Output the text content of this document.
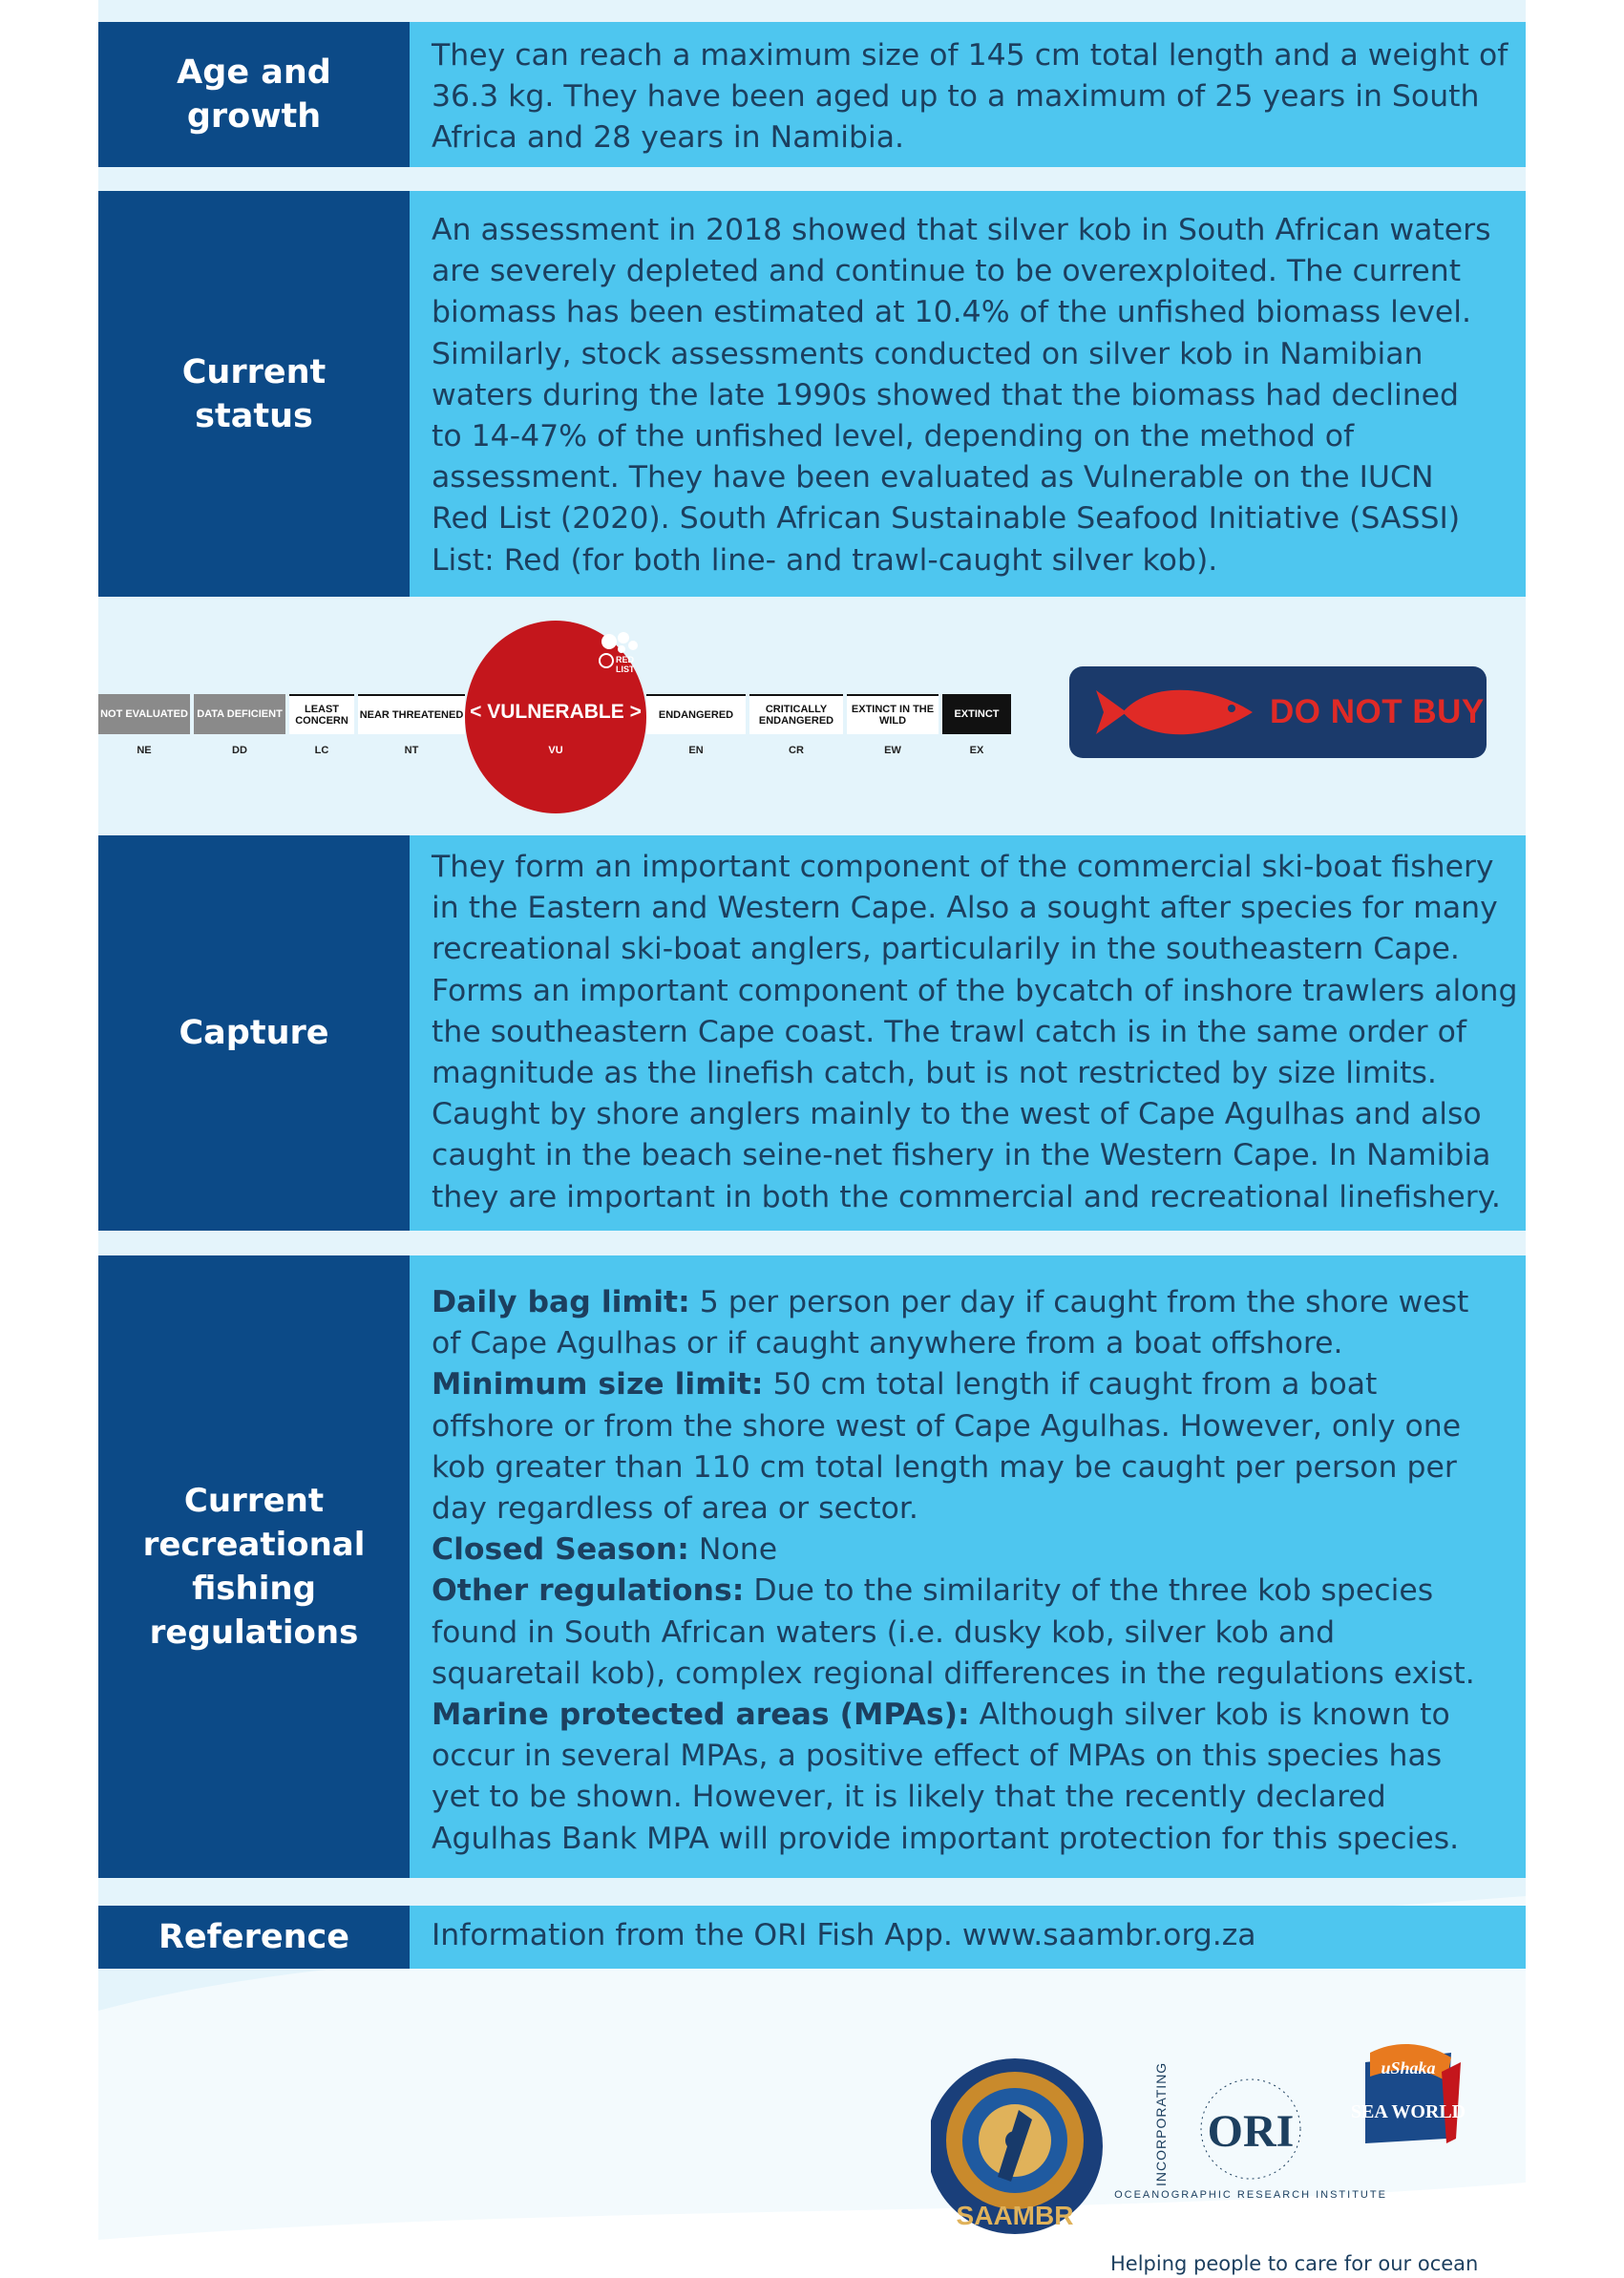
Age and growth

They can reach a maximum size of 145 cm total length and a weight of 36.3 kg. They have been aged up to a maximum of 25 years in South Africa and 28 years in Namibia.

Current status

An assessment in 2018 showed that silver kob in South African waters are severely depleted and continue to be overexploited. The current biomass has been estimated at 10.4% of the unfished biomass level. Similarly, stock assessments conducted on silver kob in Namibian waters during the late 1990s showed that the biomass had declined to 14-47% of the unfished level, depending on the method of assessment. They have been evaluated as Vulnerable on the IUCN Red List (2020). South African Sustainable Seafood Initiative (SASSI) List: Red (for both line- and trawl-caught silver kob).

NOT EVALUATED DATA DEFICIENT	LEAST CONCERN	NEAR THREATENED	ENDANGERED	CRITICALLY ENDANGERED
EXTINCT IN THE WILD
EXTINCT
NE	DD	LC	NT	EN	CR	EW	EX
< VULNERABLE >
VU
RED
LIST
DO NOT BUY
Capture

They form an important component of the commercial ski-boat fishery in the Eastern and Western Cape. Also a sought after species for many recreational ski-boat anglers, particularily in the southeastern Cape. Forms an important component of the bycatch of inshore trawlers along the southeastern Cape coast. The trawl catch is in the same order of magnitude as the linefish catch, but is not restricted by size limits. Caught by shore anglers mainly to the west of Cape Agulhas and also caught in the beach seine-net fishery in the Western Cape. In Namibia they are important in both the commercial and recreational linefishery.

Current recreational fishing regulations

Daily bag limit: 5 per person per day if caught from the shore west of Cape Agulhas or if caught anywhere from a boat offshore.

Minimum size limit: 50 cm total length if caught from a boat offshore or from the shore west of Cape Agulhas. However, only one kob greater than 110 cm total length may be caught per person per day regardless of area or sector.

Closed Season: None

Other regulations: Due to the similarity of the three kob species found in South African waters (i.e. dusky kob, silver kob and squaretail kob), complex regional differences in the regulations exist.

Marine protected areas (MPAs): Although silver kob is known to occur in several MPAs, a positive effect of MPAs on this species has yet to be shown. However, it is likely that the recently declared Agulhas Bank MPA will provide important protection for this species.

Reference	Information from the ORI Fish App. www.saambr.org.za

SAAMBR
INCORPORATING ORI
OCEANOGRAPHIC RESEARCH INSTITUTE
uShaka
SEA WORLD
Helping people to care for our ocean
